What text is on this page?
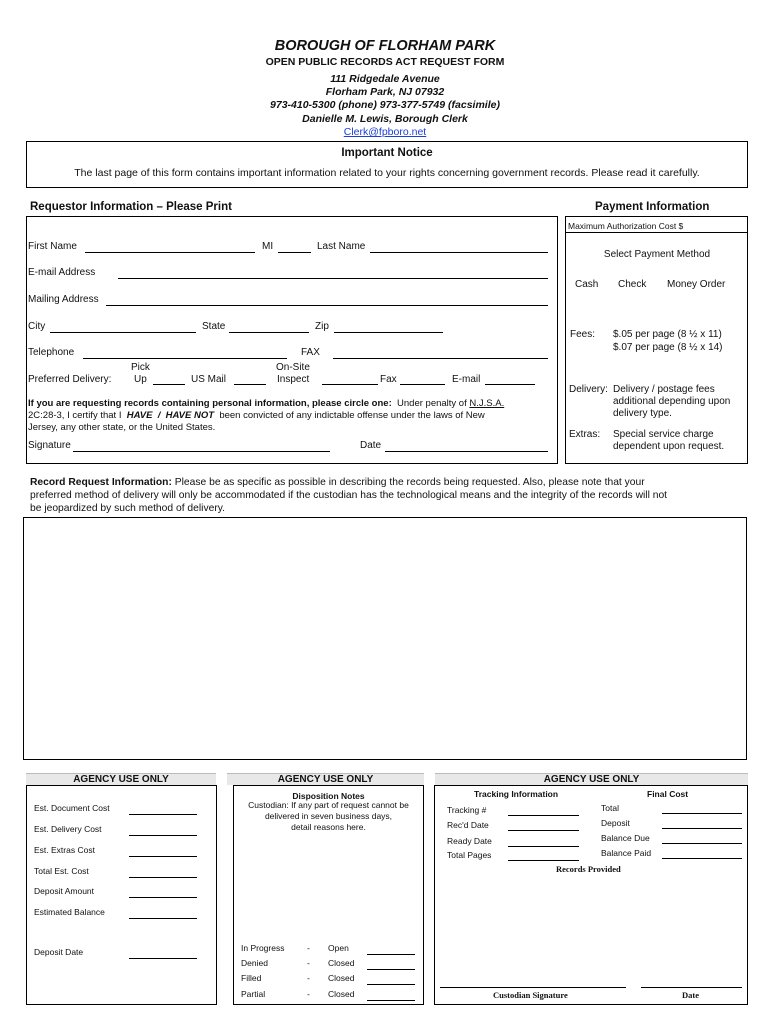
BOROUGH OF FLORHAM PARK
OPEN PUBLIC RECORDS ACT REQUEST FORM
111 Ridgedale Avenue
Florham Park, NJ 07932
973-410-5300 (phone) 973-377-5749 (facsimile)
Danielle M. Lewis, Borough Clerk
Clerk@fpboro.net
Important Notice
The last page of this form contains important information related to your rights concerning government records. Please read it carefully.
Requestor Information – Please Print	Payment Information
First Name	MI	Last Name
E-mail Address
Mailing Address
City	State	Zip
Telephone	FAX
Pick	On-Site
Preferred Delivery: Up	US Mail	Inspect	Fax	E-mail
If you are requesting records containing personal information, please circle one: Under penalty of N.J.S.A.
2C:28-3, I certify that I HAVE / HAVE NOT been convicted of any indictable offense under the laws of New
Jersey, any other state, or the United States.
Signature	Date
Maximum Authorization Cost $
Select Payment Method
Cash Check Money Order
Fees: $.05 per page (8 ½ x 11)
$.07 per page (8 ½ x 14)
Delivery: Delivery / postage fees
additional depending upon
delivery type.
Extras: Special service charge
dependent upon request.
Record Request Information: Please be as specific as possible in describing the records being requested. Also, please note that your
preferred method of delivery will only be accommodated if the custodian has the technological means and the integrity of the records will not
be jeopardized by such method of delivery.
AGENCY USE ONLY	AGENCY USE ONLY	AGENCY USE ONLY
Est. Document Cost
Est. Delivery Cost
Est. Extras Cost
Total Est. Cost
Deposit Amount
Estimated Balance
Deposit Date
Disposition Notes
Custodian: If any part of request cannot be
delivered in seven business days,
detail reasons here.
In Progress	- Open
Denied	- Closed
Filled	- Closed
Partial	- Closed
Tracking Information	Final Cost
Tracking #
Rec'd Date
Ready Date
Total Pages
Total
Deposit
Balance Due
Balance Paid
Records Provided
Custodian Signature	Date
